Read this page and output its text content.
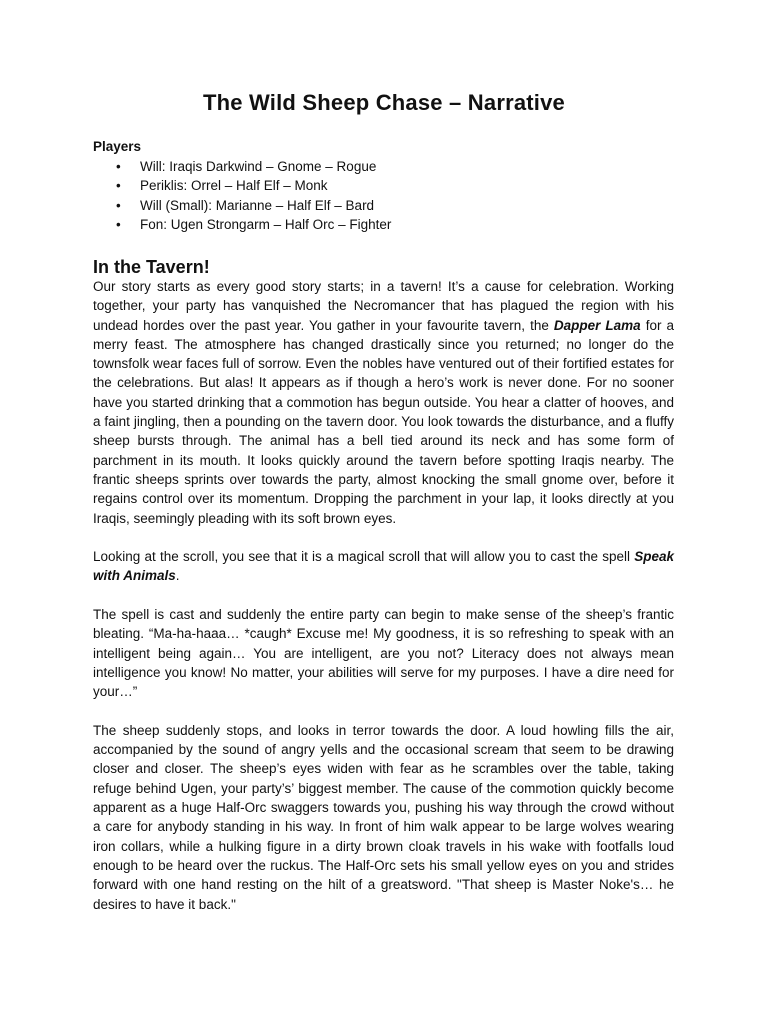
The Wild Sheep Chase – Narrative
Players
• Will: Iraqis Darkwind – Gnome – Rogue
• Periklis: Orrel – Half Elf – Monk
• Will (Small): Marianne – Half Elf – Bard
• Fon: Ugen Strongarm – Half Orc – Fighter
In the Tavern!

Our story starts as every good story starts; in a tavern! It’s a cause for celebration. Working together, your party has vanquished the Necromancer that has plagued the region with his undead hordes over the past year. You gather in your favourite tavern, the Dapper Lama for a merry feast. The atmosphere has changed drastically since you returned; no longer do the townsfolk wear faces full of sorrow. Even the nobles have ventured out of their fortified estates for the celebrations. But alas! It appears as if though a hero’s work is never done. For no sooner have you started drinking that a commotion has begun outside. You hear a clatter of hooves, and a faint jingling, then a pounding on the tavern door. You look towards the disturbance, and a fluffy sheep bursts through. The animal has a bell tied around its neck and has some form of parchment in its mouth. It looks quickly around the tavern before spotting Iraqis nearby. The frantic sheeps sprints over towards the party, almost knocking the small gnome over, before it regains control over its momentum. Dropping the parchment in your lap, it looks directly at you Iraqis, seemingly pleading with its soft brown eyes.

Looking at the scroll, you see that it is a magical scroll that will allow you to cast the spell Speak with Animals.

The spell is cast and suddenly the entire party can begin to make sense of the sheep’s frantic bleating. “Ma-ha-haaa… *caugh* Excuse me! My goodness, it is so refreshing to speak with an intelligent being again… You are intelligent, are you not? Literacy does not always mean intelligence you know! No matter, your abilities will serve for my purposes. I have a dire need for your…”

The sheep suddenly stops, and looks in terror towards the door. A loud howling fills the air, accompanied by the sound of angry yells and the occasional scream that seem to be drawing closer and closer. The sheep’s eyes widen with fear as he scrambles over the table, taking refuge behind Ugen, your party’s’ biggest member. The cause of the commotion quickly become apparent as a huge Half-Orc swaggers towards you, pushing his way through the crowd without a care for anybody standing in his way. In front of him walk appear to be large wolves wearing iron collars, while a hulking figure in a dirty brown cloak travels in his wake with footfalls loud enough to be heard over the ruckus. The Half-Orc sets his small yellow eyes on you and strides forward with one hand resting on the hilt of a greatsword. "That sheep is Master Noke's… he desires to have it back."
